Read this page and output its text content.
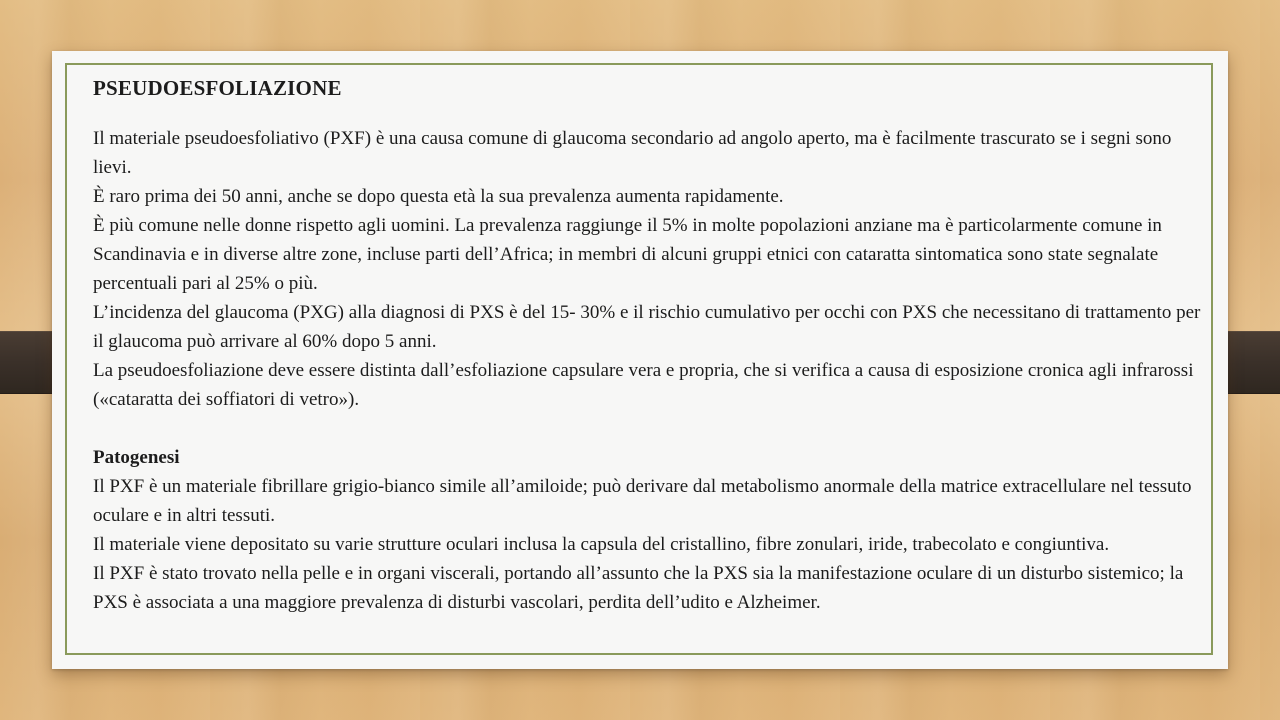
PSEUDOESFOLIAZIONE

Il materiale pseudoesfoliativo (PXF) è una causa comune di glaucoma secondario ad angolo aperto, ma è facilmente trascurato se i segni sono lievi.

È raro prima dei 50 anni, anche se dopo questa età la sua prevalenza aumenta rapidamente.

È più comune nelle donne rispetto agli uomini. La prevalenza raggiunge il 5% in molte popolazioni anziane ma è particolarmente comune in Scandinavia e in diverse altre zone, incluse parti dell’Africa; in membri di alcuni gruppi etnici con cataratta sintomatica sono state segnalate percentuali pari al 25% o più.

L’incidenza del glaucoma (PXG) alla diagnosi di PXS è del 15- 30% e il rischio cumulativo per occhi con PXS che necessitano di trattamento per il glaucoma può arrivare al 60% dopo 5 anni.

La pseudoesfoliazione deve essere distinta dall’esfoliazione capsulare vera e propria, che si verifica a causa di esposizione cronica agli infrarossi («cataratta dei soffiatori di vetro»).

Patogenesi

Il PXF è un materiale fibrillare grigio-bianco simile all’amiloide; può derivare dal metabolismo anormale della matrice extracellulare nel tessuto oculare e in altri tessuti.

Il materiale viene depositato su varie strutture oculari inclusa la capsula del cristallino, fibre zonulari, iride, trabecolato e congiuntiva.

Il PXF è stato trovato nella pelle e in organi viscerali, portando all’assunto che la PXS sia la manifestazione oculare di un disturbo sistemico; la PXS è associata a una maggiore prevalenza di disturbi vascolari, perdita dell’udito e Alzheimer.
